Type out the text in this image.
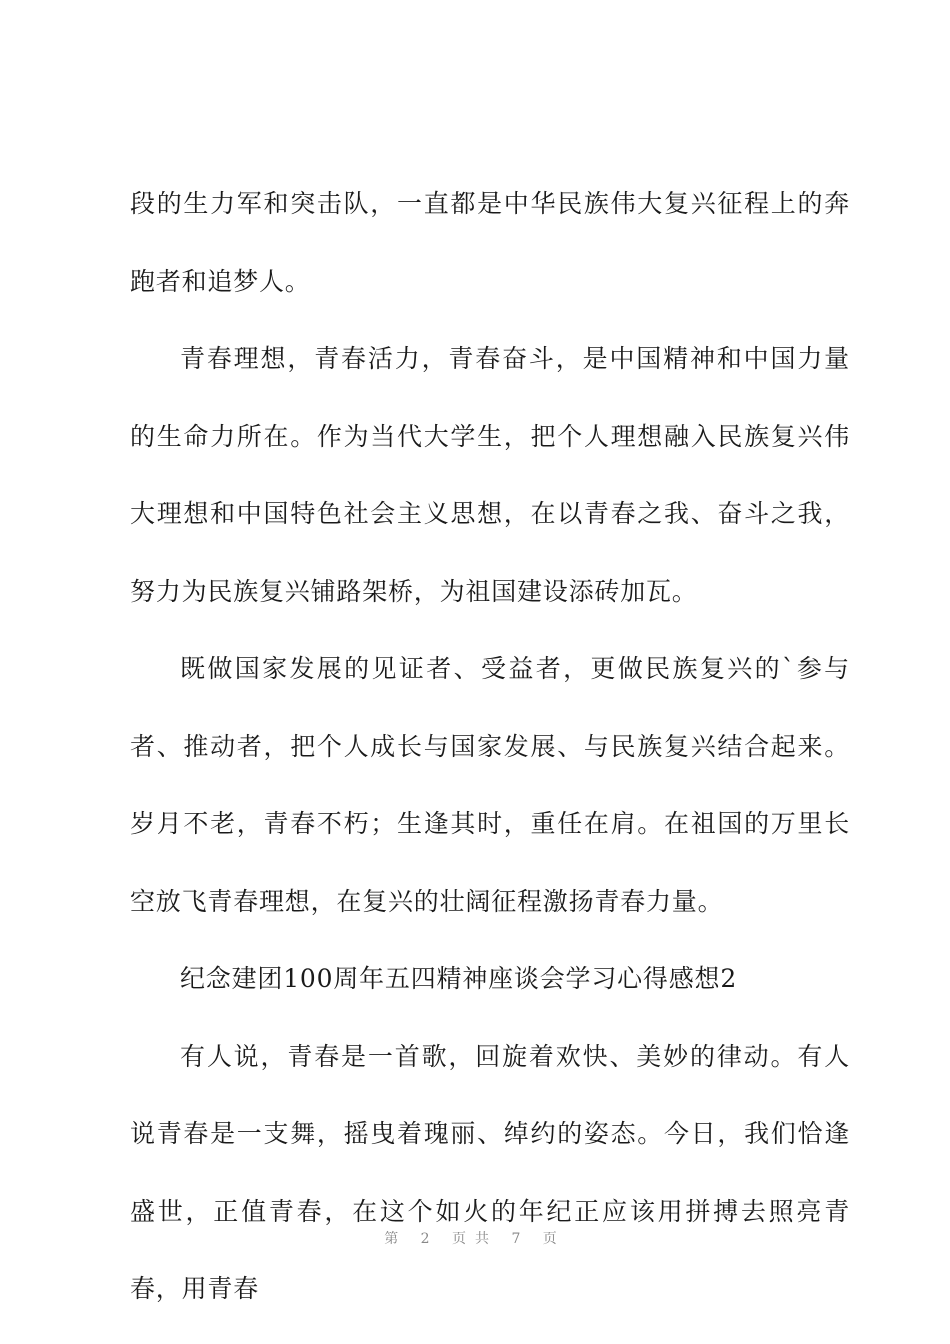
段的生力军和突击队，一直都是中华民族伟大复兴征程上的奔跑者和追梦人。

青春理想，青春活力，青春奋斗，是中国精神和中国力量的生命力所在。作为当代大学生，把个人理想融入民族复兴伟大理想和中国特色社会主义思想，在以青春之我、奋斗之我，努力为民族复兴铺路架桥，为祖国建设添砖加瓦。

既做国家发展的见证者、受益者，更做民族复兴的`参与者、推动者，把个人成长与国家发展、与民族复兴结合起来。岁月不老，青春不朽；生逢其时，重任在肩。在祖国的万里长空放飞青春理想，在复兴的壮阔征程激扬青春力量。

纪念建团100周年五四精神座谈会学习心得感想2

有人说，青春是一首歌，回旋着欢快、美妙的律动。有人说青春是一支舞，摇曳着瑰丽、绰约的姿态。今日，我们恰逢盛世，正值青春，在这个如火的年纪正应该用拼搏去照亮青春，用青春

第 2 页共 7 页
